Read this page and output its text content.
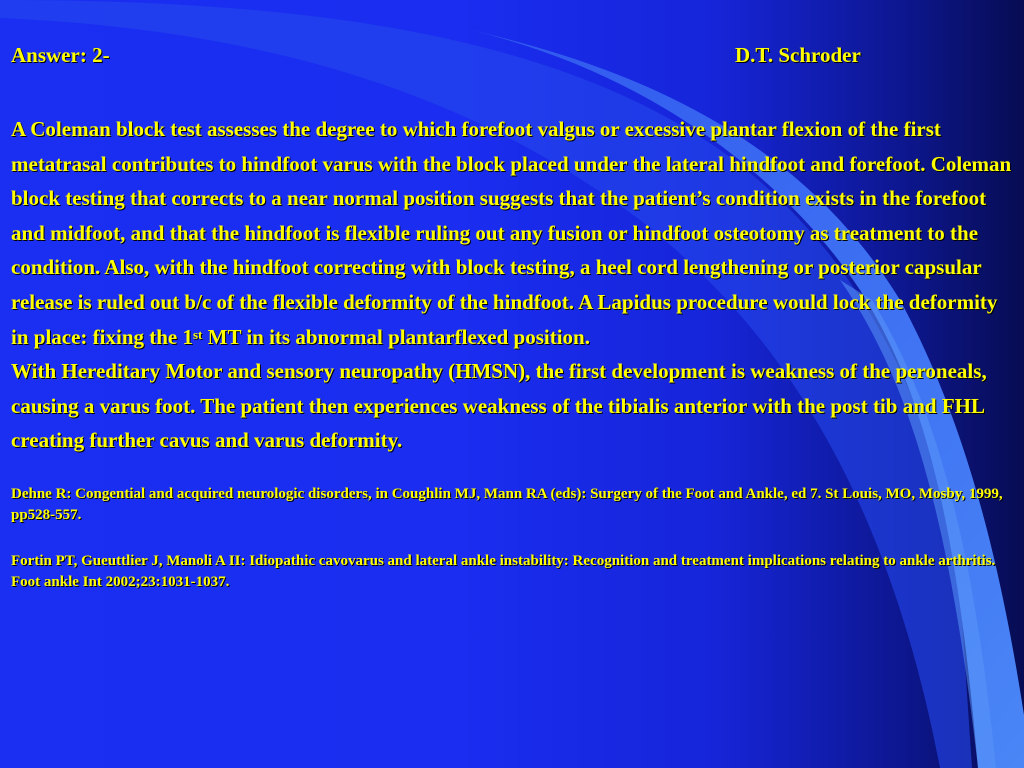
Answer: 2-	D.T. Schroder

A Coleman block test assesses the degree to which forefoot valgus or excessive plantar flexion of the first metatrasal contributes to hindfoot varus with the block placed under the lateral hindfoot and forefoot. Coleman block testing that corrects to a near normal position suggests that the patient’s condition exists in the forefoot and midfoot, and that the hindfoot is flexible ruling out any fusion or hindfoot osteotomy as treatment to the condition. Also, with the hindfoot correcting with block testing, a heel cord lengthening or posterior capsular release is ruled out b/c of the flexible deformity of the hindfoot. A Lapidus procedure would lock the deformity in place: fixing the 1st MT in its abnormal plantarflexed position.

With Hereditary Motor and sensory neuropathy (HMSN), the first development is weakness of the peroneals, causing a varus foot. The patient then experiences weakness of the tibialis anterior with the post tib and FHL creating further cavus and varus deformity.

Dehne R: Congential and acquired neurologic disorders, in Coughlin MJ, Mann RA (eds): Surgery of the Foot and Ankle, ed 7. St Louis, MO, Mosby, 1999, pp528-557.

Fortin PT, Gueuttlier J, Manoli A II: Idiopathic cavovarus and lateral ankle instability: Recognition and treatment implications relating to ankle arthritis. Foot ankle Int 2002;23:1031-1037.
